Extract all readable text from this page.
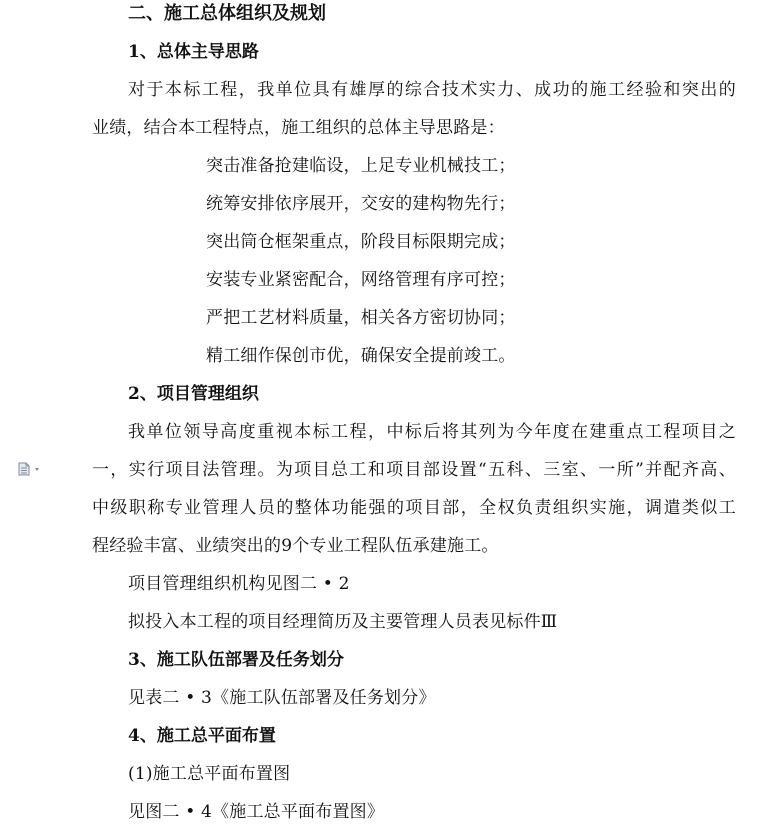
二、施工总体组织及规划
1、总体主导思路
对于本标工程，我单位具有雄厚的综合技术实力、成功的施工经验和突出的
业绩，结合本工程特点，施工组织的总体主导思路是：
突击准备抢建临设，上足专业机械技工；
统筹安排依序展开，交安的建构物先行；
突出筒仓框架重点，阶段目标限期完成；
安装专业紧密配合，网络管理有序可控；
严把工艺材料质量，相关各方密切协同；
精工细作保创市优，确保安全提前竣工。
2、项目管理组织
我单位领导高度重视本标工程，中标后将其列为今年度在建重点工程项目之
一，实行项目法管理。为项目总工和项目部设置“五科、三室、一所”并配齐高、
中级职称专业管理人员的整体功能强的项目部，全权负责组织实施，调遣类似工
程经验丰富、业绩突出的9个专业工程队伍承建施工。
项目管理组织机构见图二 • 2
拟投入本工程的项目经理简历及主要管理人员表见标件Ⅲ
3、施工队伍部署及任务划分
见表二 • 3《施工队伍部署及任务划分》
4、施工总平面布置
(1)施工总平面布置图
见图二 • 4《施工总平面布置图》
